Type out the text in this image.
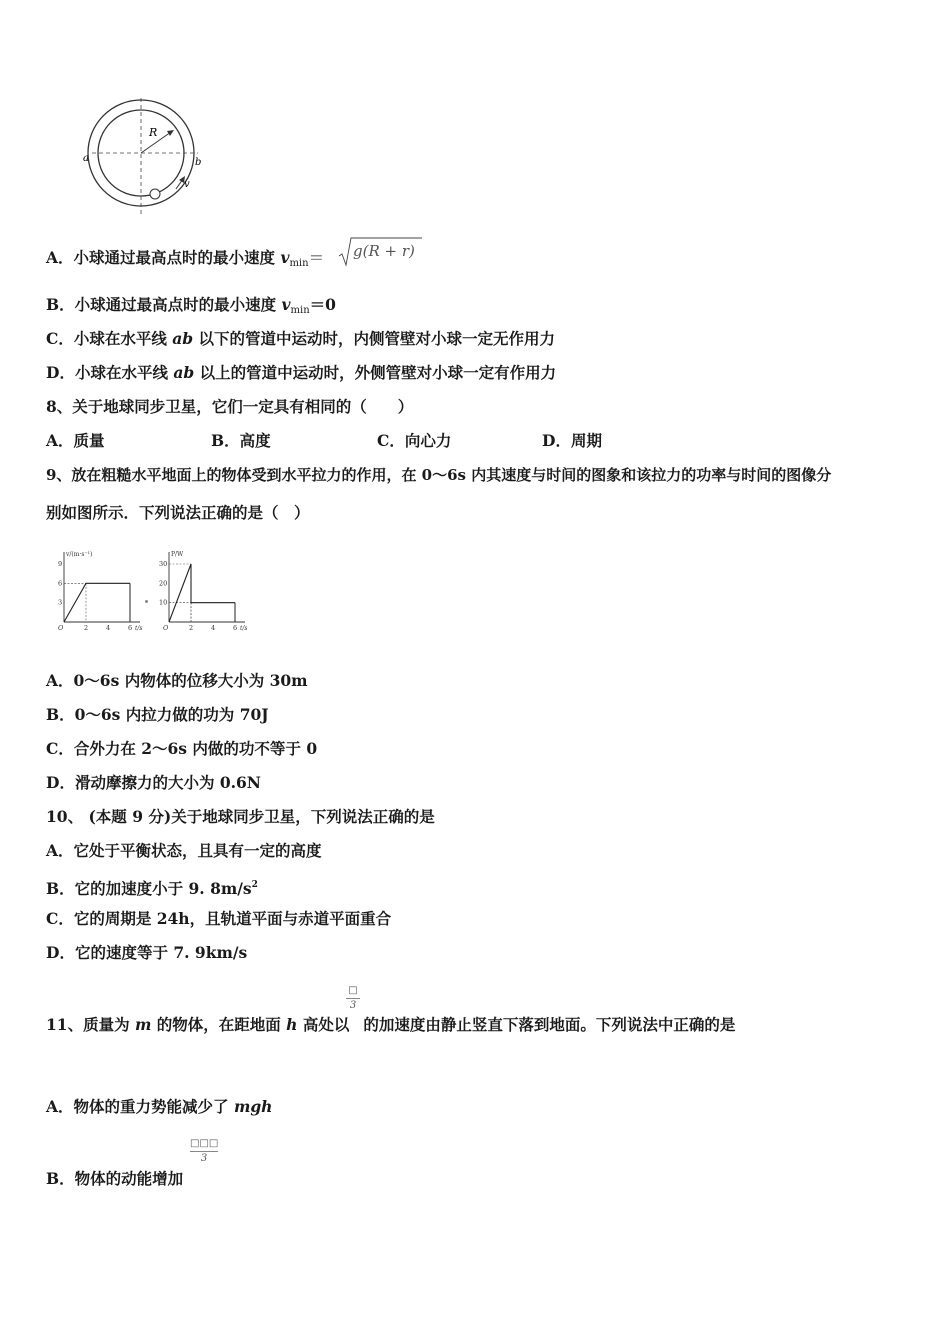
R
a	b
v
A．小球通过最高点时的最小速度 $v_{min}= g(R + r)$
B．小球通过最高点时的最小速度 $v_{min}=0$
C．小球在水平线 ab 以下的管道中运动时，内侧管壁对小球一定无作用力
D．小球在水平线 ab 以上的管道中运动时，外侧管壁对小球一定有作用力
8、关于地球同步卫星，它们一定具有相同的（　　）
A．质量	B．高度	C．向心力	D．周期
9、放在粗糙水平地面上的物体受到水平拉力的作用，在 0～6s 内其速度与时间的图象和该拉力的功率与时间的图像分
别如图所示．下列说法正确的是（　）
v/(m·s⁻¹)
t/s
O	2	4	6
3
6
9
P/W
t/s
O	2	4	6
10
20
30
A．0～6s 内物体的位移大小为 30m
B．0～6s 内拉力做的功为 70J
C．合外力在 2～6s 内做的功不等于 0
D．滑动摩擦力的大小为 0.6N
10、 (本题 9 分)关于地球同步卫星，下列说法正确的是
A．它处于平衡状态，且具有一定的高度
B．它的加速度小于 9. $8m/s^2$
C．它的周期是 24h，且轨道平面与赤道平面重合
D．它的速度等于 7. 9km/s
□
3
11、质量为 m 的物体，在距地面 h 高处以 的加速度由静止竖直下落到地面。下列说法中正确的是
A．物体的重力势能减少了 mgh
□□□
3
B．物体的动能增加
